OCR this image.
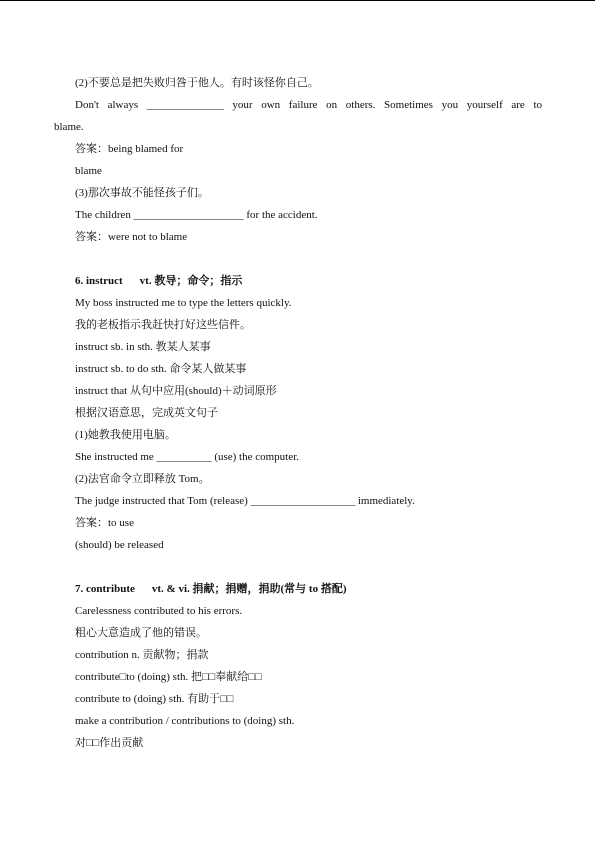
(2)不要总是把失败归咎于他人。有时该怪你自己。
Don't always ______________ your own failure on others. Sometimes you yourself are to
blame.
答案：being blamed for
blame
(3)那次事故不能怪孩子们。
The children ____________________ for the accident.
答案：were not to blame
6. instruct vt. 教导；命令；指示
My boss instructed me to type the letters quickly.
我的老板指示我赶快打好这些信件。
instruct sb. in sth. 教某人某事
instruct sb. to do sth. 命令某人做某事
instruct that 从句中应用(should)＋动词原形
根据汉语意思，完成英文句子
(1)她教我使用电脑。
She instructed me __________ (use) the computer.
(2)法官命令立即释放 Tom。
The judge instructed that Tom (release) ___________________ immediately.
答案：to use
(should) be released
7. contribute vt. & vi. 捐献；捐赠，捐助(常与 to 搭配)
Carelessness contributed to his errors.
粗心大意造成了他的错误。
contribution n. 贡献物；捐款
contribute□to (doing) sth. 把□□奉献给□□
contribute to (doing) sth. 有助于□□
make a contribution / contributions to (doing) sth.
对□□作出贡献
